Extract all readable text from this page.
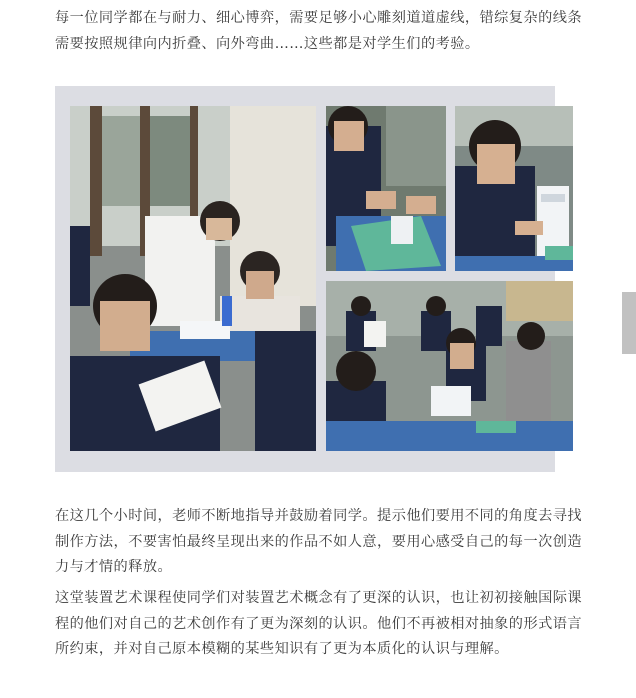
每一位同学都在与耐力、细心博弈，需要足够小心雕刻道道虚线，错综复杂的线条需要按照规律向内折叠、向外弯曲……这些都是对学生们的考验。

在这几个小时间，老师不断地指导并鼓励着同学。提示他们要用不同的角度去寻找制作方法，不要害怕最终呈现出来的作品不如人意，要用心感受自己的每一次创造力与才情的释放。

这堂装置艺术课程使同学们对装置艺术概念有了更深的认识，也让初初接触国际课程的他们对自己的艺术创作有了更为深刻的认识。他们不再被相对抽象的形式语言所约束，并对自己原本模糊的某些知识有了更为本质化的认识与理解。
